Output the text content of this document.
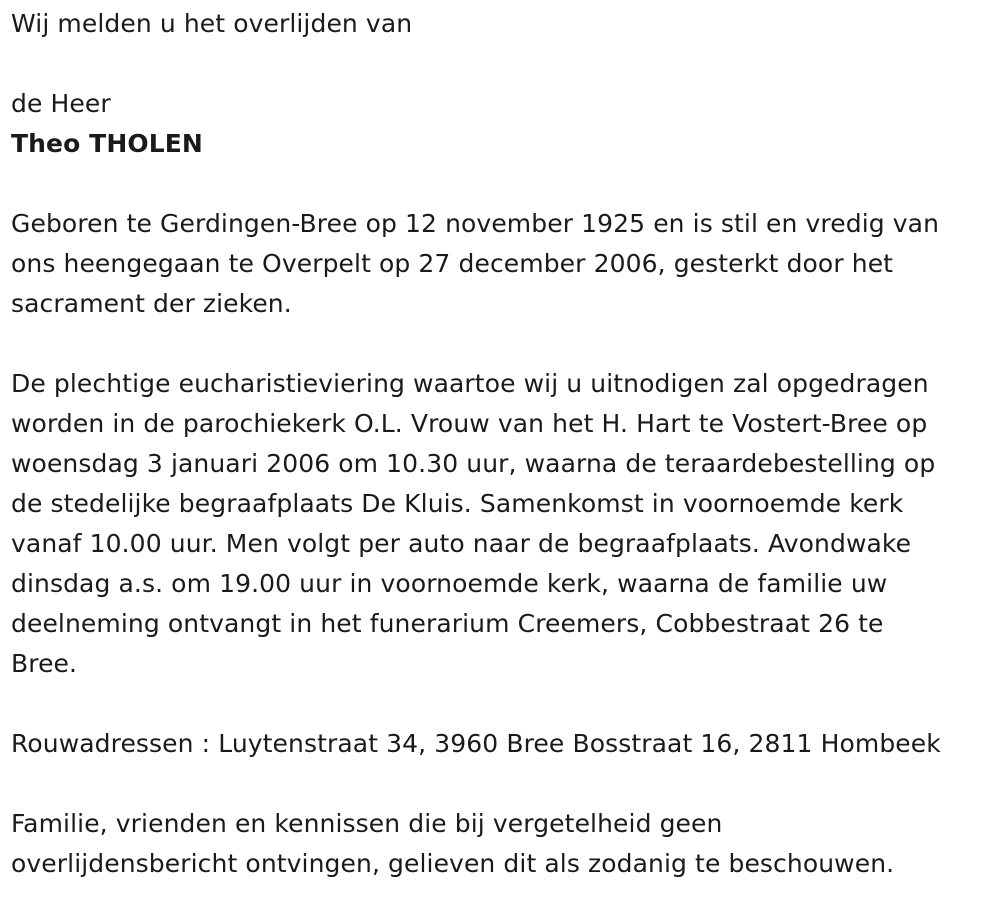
Wij melden u het overlijden van

de Heer

Theo THOLEN

Geboren te Gerdingen-Bree op 12 november 1925 en is stil en vredig van
ons heengegaan te Overpelt op 27 december 2006, gesterkt door het
sacrament der zieken.

De plechtige eucharistieviering waartoe wij u uitnodigen zal opgedragen
worden in de parochiekerk O.L. Vrouw van het H. Hart te Vostert-Bree op
woensdag 3 januari 2006 om 10.30 uur, waarna de teraardebestelling op
de stedelijke begraafplaats De Kluis. Samenkomst in voornoemde kerk
vanaf 10.00 uur. Men volgt per auto naar de begraafplaats. Avondwake
dinsdag a.s. om 19.00 uur in voornoemde kerk, waarna de familie uw
deelneming ontvangt in het funerarium Creemers, Cobbestraat 26 te
Bree.

Rouwadressen : Luytenstraat 34, 3960 Bree Bosstraat 16, 2811 Hombeek

Familie, vrienden en kennissen die bij vergetelheid geen
overlijdensbericht ontvingen, gelieven dit als zodanig te beschouwen.
